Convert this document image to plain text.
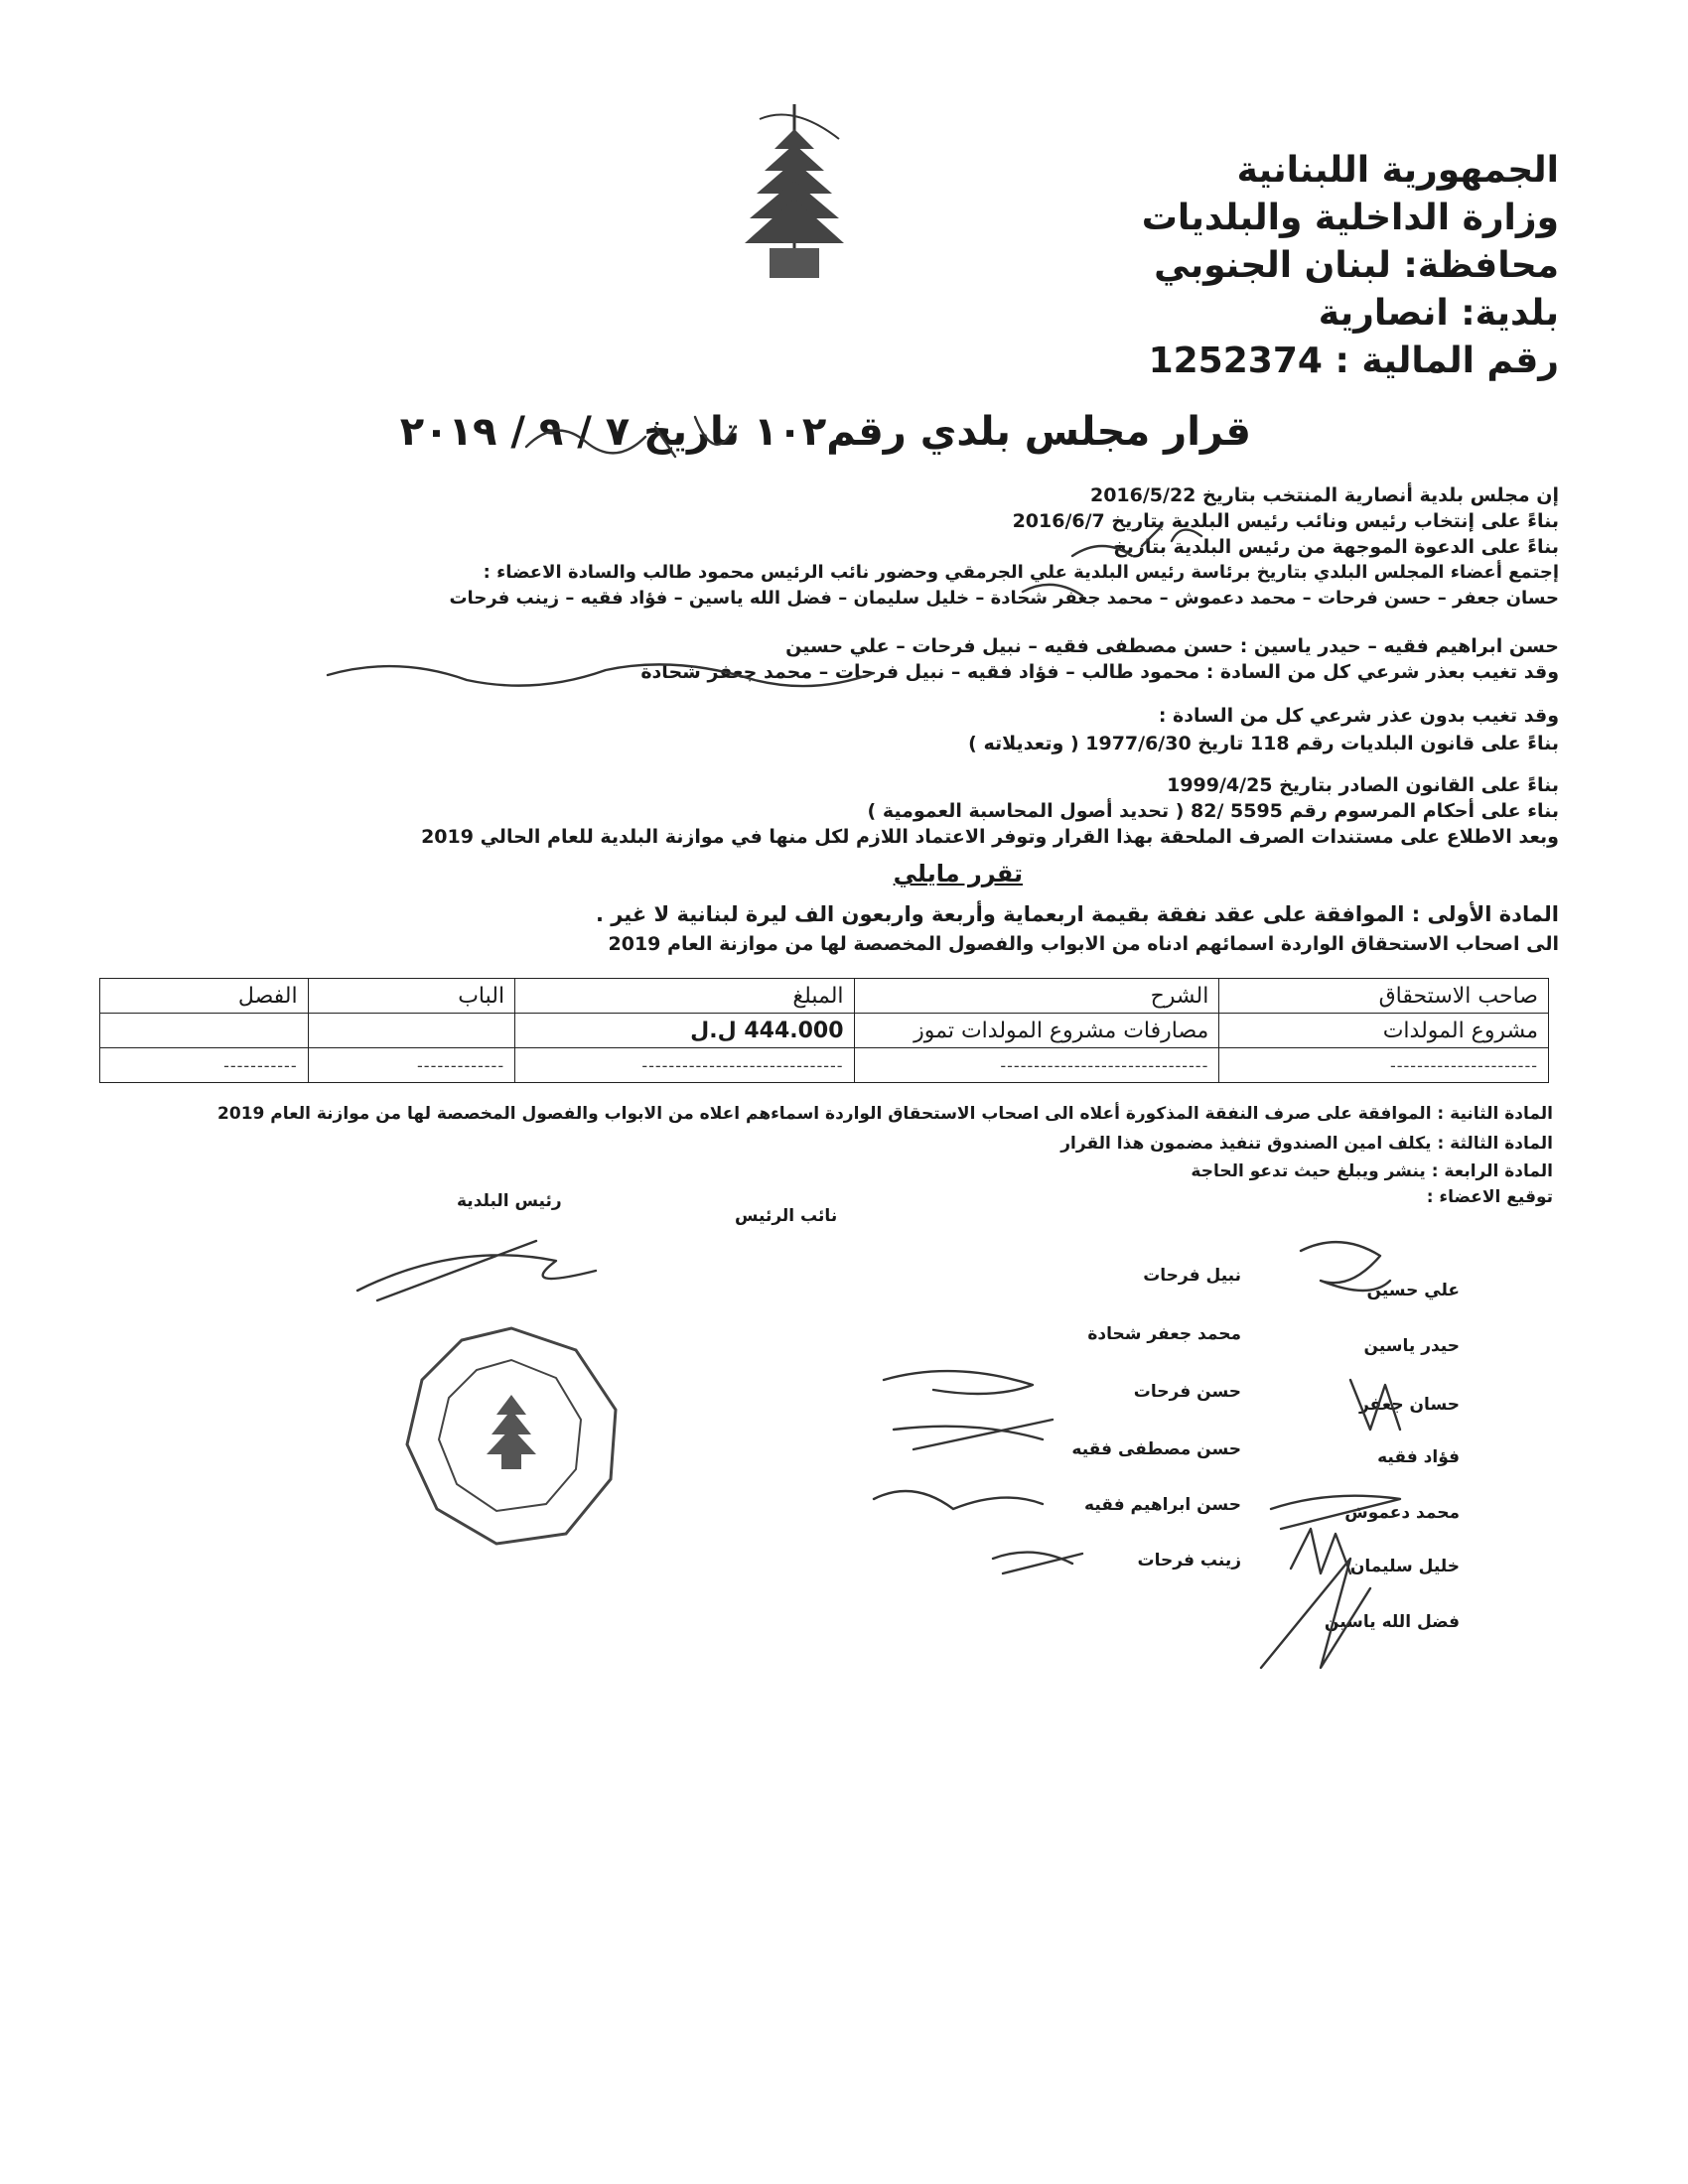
الجمهورية اللبنانية
وزارة الداخلية والبلديات
محافظة: لبنان الجنوبي
بلدية: انصارية
رقم المالية : 1252374
قرار مجلس بلدي رقم١٠٢ تاريخ ٧ / ٩ / ٢٠١٩
إن مجلس بلدية أنصارية المنتخب بتاريخ 2016/5/22
بناءً على إنتخاب رئيس ونائب رئيس البلدية بتاريخ 2016/6/7
بناءً على الدعوة الموجهة من رئيس البلدية بتاريخ
إجتمع أعضاء المجلس البلدي بتاريخ برئاسة رئيس البلدية علي الجرمقي وحضور نائب الرئيس محمود طالب والسادة الاعضاء :
حسان جعفر – حسن فرحات – محمد دعموش – محمد جعفر شحادة – خليل سليمان – فضل الله ياسين – فؤاد فقيه – زينب فرحات
حسن ابراهيم فقيه – حيدر ياسين : حسن مصطفى فقيه – نبيل فرحات – علي حسين
وقد تغيب بعذر شرعي كل من السادة : محمود طالب – فؤاد فقيه – نبيل فرحات – محمد جعفر شحادة
وقد تغيب بدون عذر شرعي كل من السادة :
بناءً على قانون البلديات رقم 118 تاريخ 1977/6/30 ( وتعديلاته )
بناءً على القانون الصادر بتاريخ 1999/4/25
بناء على أحكام المرسوم رقم 5595 /82 ( تحديد أصول المحاسبة العمومية )
وبعد الاطلاع على مستندات الصرف الملحقة بهذا القرار وتوفر الاعتماد اللازم لكل منها في موازنة البلدية للعام الحالي 2019
تقرر مايلي
المادة الأولى : الموافقة على عقد نفقة بقيمة اربعماية وأربعة واربعون الف ليرة لبنانية لا غير .
الى اصحاب الاستحقاق الواردة اسمائهم ادناه من الابواب والفصول المخصصة لها من موازنة العام 2019
صاحب الاستحقاق	الشرح	المبلغ	الباب	الفصل
مشروع المولدات	مصارفات مشروع المولدات تموز	444.000 ل.ل		
----------------------	-------------------------------	------------------------------	-------------	-----------
المادة الثانية : الموافقة على صرف النفقة المذكورة أعلاه الى اصحاب الاستحقاق الواردة اسماءهم اعلاه من الابواب والفصول المخصصة لها من موازنة العام 2019
المادة الثالثة : يكلف امين الصندوق تنفيذ مضمون هذا القرار
المادة الرابعة : ينشر ويبلغ حيث تدعو الحاجة
توقيع الاعضاء :
رئيس البلدية
نائب الرئيس
علي حسين
حيدر ياسين
حسان جعفر
فؤاد فقيه
محمد دعموش
خليل سليمان
فضل الله ياسين
نبيل فرحات
محمد جعفر شحادة
حسن فرحات
حسن مصطفى فقيه
حسن ابراهيم فقيه
زينب فرحات
